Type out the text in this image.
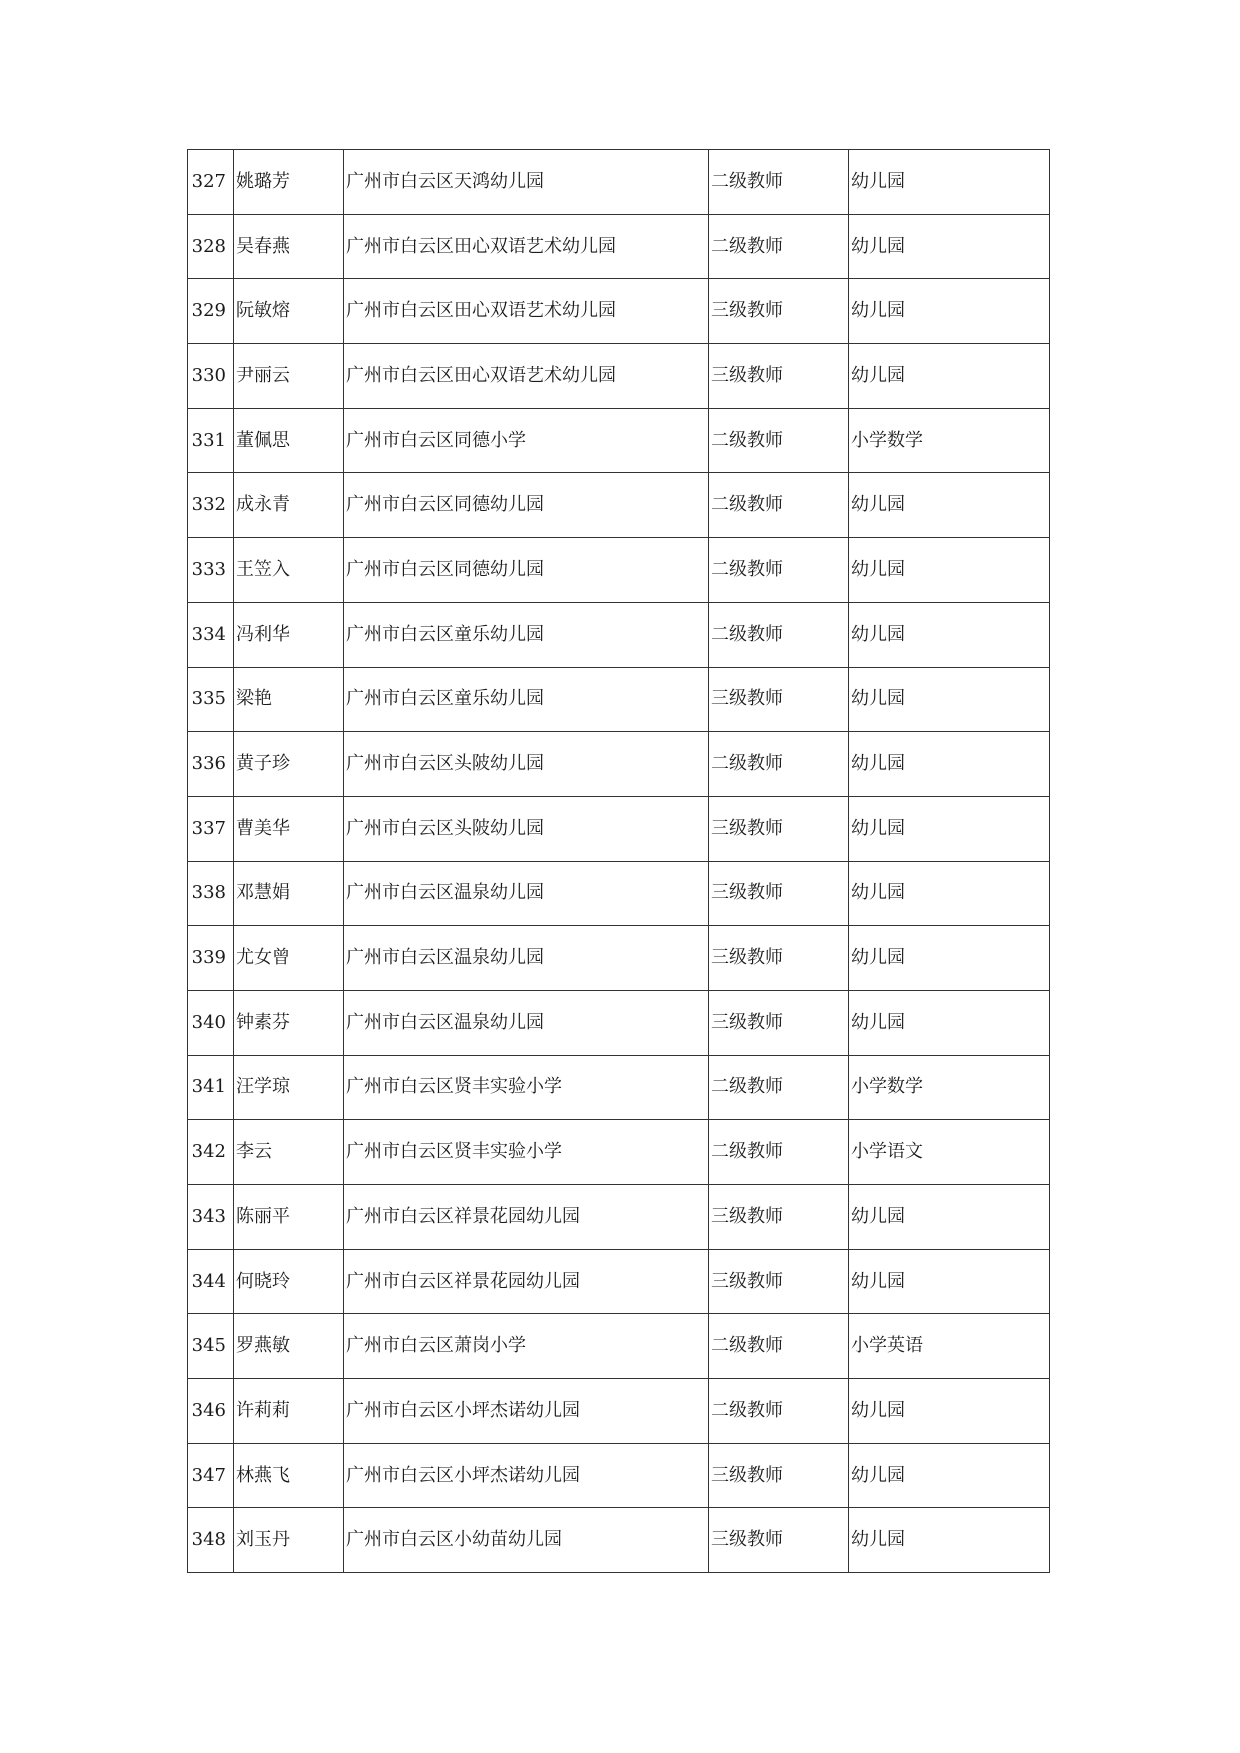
327	姚璐芳	广州市白云区天鸿幼儿园	二级教师	幼儿园
328	吴春燕	广州市白云区田心双语艺术幼儿园	二级教师	幼儿园
329	阮敏熔	广州市白云区田心双语艺术幼儿园	三级教师	幼儿园
330	尹丽云	广州市白云区田心双语艺术幼儿园	三级教师	幼儿园
331	董佩思	广州市白云区同德小学	二级教师	小学数学
332	成永青	广州市白云区同德幼儿园	二级教师	幼儿园
333	王笠入	广州市白云区同德幼儿园	二级教师	幼儿园
334	冯利华	广州市白云区童乐幼儿园	二级教师	幼儿园
335	梁艳	广州市白云区童乐幼儿园	三级教师	幼儿园
336	黄子珍	广州市白云区头陂幼儿园	二级教师	幼儿园
337	曹美华	广州市白云区头陂幼儿园	三级教师	幼儿园
338	邓慧娟	广州市白云区温泉幼儿园	三级教师	幼儿园
339	尤女曾	广州市白云区温泉幼儿园	三级教师	幼儿园
340	钟素芬	广州市白云区温泉幼儿园	三级教师	幼儿园
341	汪学琼	广州市白云区贤丰实验小学	二级教师	小学数学
342	李云	广州市白云区贤丰实验小学	二级教师	小学语文
343	陈丽平	广州市白云区祥景花园幼儿园	三级教师	幼儿园
344	何晓玲	广州市白云区祥景花园幼儿园	三级教师	幼儿园
345	罗燕敏	广州市白云区萧岗小学	二级教师	小学英语
346	许莉莉	广州市白云区小坪杰诺幼儿园	二级教师	幼儿园
347	林燕飞	广州市白云区小坪杰诺幼儿园	三级教师	幼儿园
348	刘玉丹	广州市白云区小幼苗幼儿园	三级教师	幼儿园
